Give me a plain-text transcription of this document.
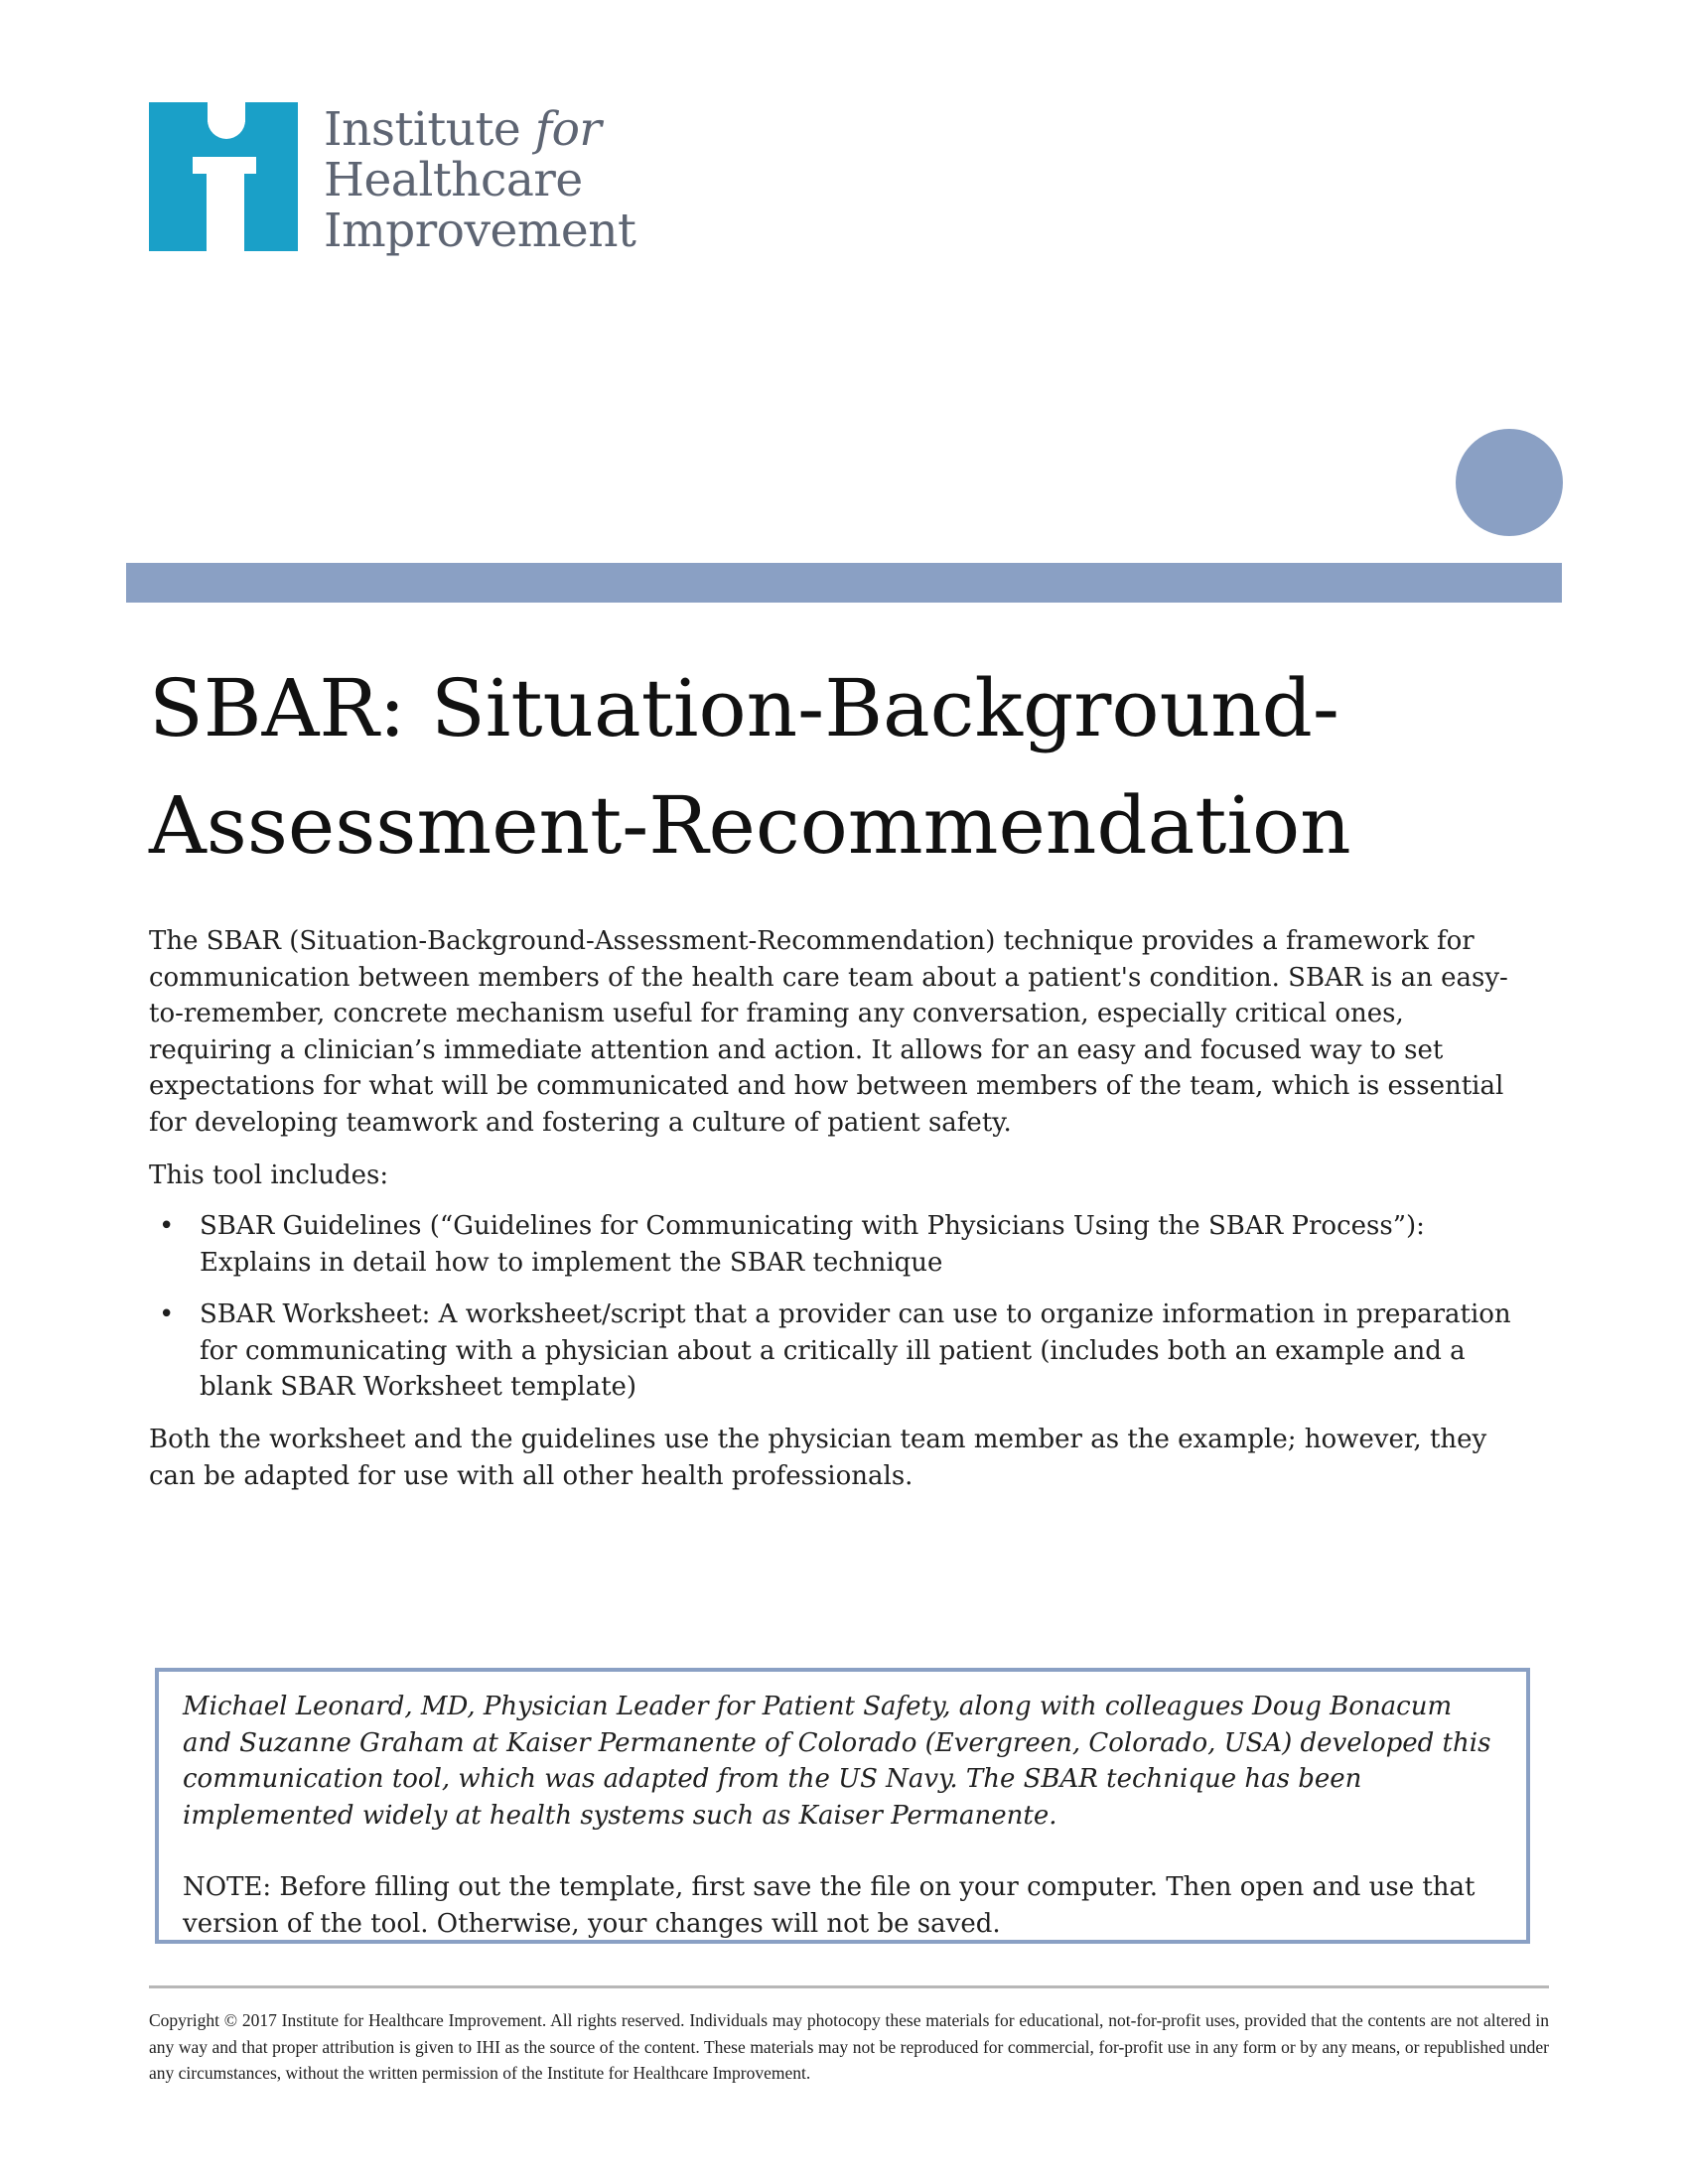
Institute for
Healthcare
Improvement
SBAR: Situation-Background-
Assessment-Recommendation

The SBAR (Situation-Background-Assessment-Recommendation) technique provides a framework for communication between members of the health care team about a patient's condition. SBAR is an easy-to-remember, concrete mechanism useful for framing any conversation, especially critical ones, requiring a clinician’s immediate attention and action. It allows for an easy and focused way to set expectations for what will be communicated and how between members of the team, which is essential for developing teamwork and fostering a culture of patient safety.

This tool includes:

• SBAR Guidelines (“Guidelines for Communicating with Physicians Using the SBAR Process”): Explains in detail how to implement the SBAR technique
• SBAR Worksheet: A worksheet/script that a provider can use to organize information in preparation for communicating with a physician about a critically ill patient (includes both an example and a blank SBAR Worksheet template)

Both the worksheet and the guidelines use the physician team member as the example; however, they can be adapted for use with all other health professionals.

Michael Leonard, MD, Physician Leader for Patient Safety, along with colleagues Doug Bonacum and Suzanne Graham at Kaiser Permanente of Colorado (Evergreen, Colorado, USA) developed this communication tool, which was adapted from the US Navy. The SBAR technique has been implemented widely at health systems such as Kaiser Permanente.

NOTE: Before filling out the template, first save the file on your computer. Then open and use that version of the tool. Otherwise, your changes will not be saved.

Copyright © 2017 Institute for Healthcare Improvement. All rights reserved. Individuals may photocopy these materials for educational, not-for-profit uses, provided that the contents are not altered in any way and that proper attribution is given to IHI as the source of the content. These materials may not be reproduced for commercial, for-profit use in any form or by any means, or republished under any circumstances, without the written permission of the Institute for Healthcare Improvement.
